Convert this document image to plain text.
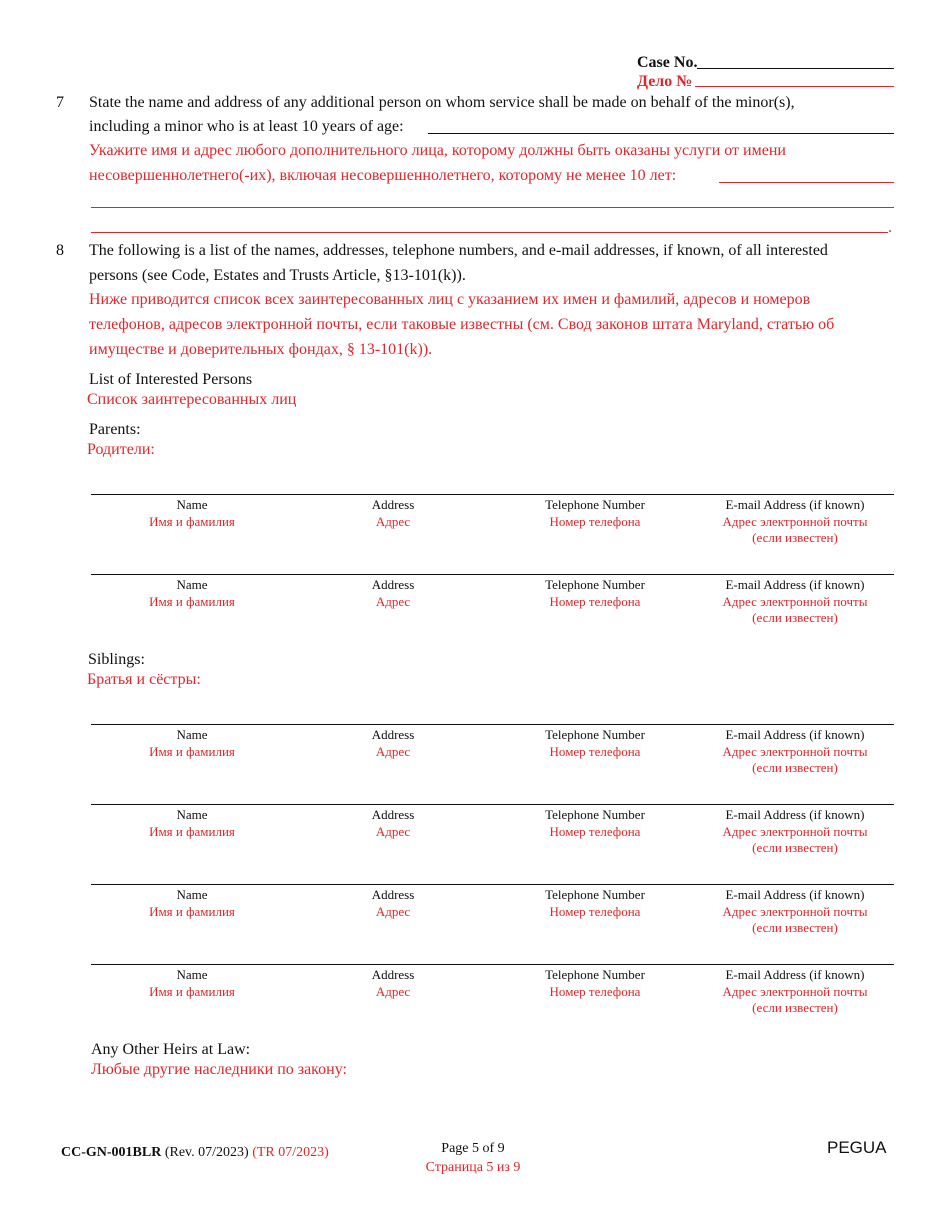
Case No.
Дело №
7 State the name and address of any additional person on whom service shall be made on behalf of the minor(s),
including a minor who is at least 10 years of age:
Укажите имя и адрес любого дополнительного лица, которому должны быть оказаны услуги от имени
несовершеннолетнего(-их), включая несовершеннолетнего, которому не менее 10 лет:
.
8 The following is a list of the names, addresses, telephone numbers, and e-mail addresses, if known, of all interested
persons (see Code, Estates and Trusts Article, §13-101(k)).
Ниже приводится список всех заинтересованных лиц с указанием их имен и фамилий, адресов и номеров
телефонов, адресов электронной почты, если таковые известны (см. Свод законов штата Maryland, статью об
имуществе и доверительных фондах, § 13-101(k)).
List of Interested Persons
Список заинтересованных лиц
Parents:
Родители:
Name
Имя и фамилия
Address
Адрес
Telephone Number
Номер телефона
E-mail Address (if known)
Адрес электронной почты
(если известен)
Name
Имя и фамилия
Address
Адрес
Telephone Number
Номер телефона
E-mail Address (if known)
Адрес электронной почты
(если известен)
Siblings:
Братья и сёстры:
Name
Имя и фамилия
Address
Адрес
Telephone Number
Номер телефона
E-mail Address (if known)
Адрес электронной почты
(если известен)
Name
Имя и фамилия
Address
Адрес
Telephone Number
Номер телефона
E-mail Address (if known)
Адрес электронной почты
(если известен)
Name
Имя и фамилия
Address
Адрес
Telephone Number
Номер телефона
E-mail Address (if known)
Адрес электронной почты
(если известен)
Name
Имя и фамилия
Address
Адрес
Telephone Number
Номер телефона
E-mail Address (if known)
Адрес электронной почты
(если известен)
Any Other Heirs at Law:
Любые другие наследники по закону:
CC-GN-001BLR (Rev. 07/2023) (TR 07/2023)	Page 5 of 9
Страница 5 из 9
PEGUA
